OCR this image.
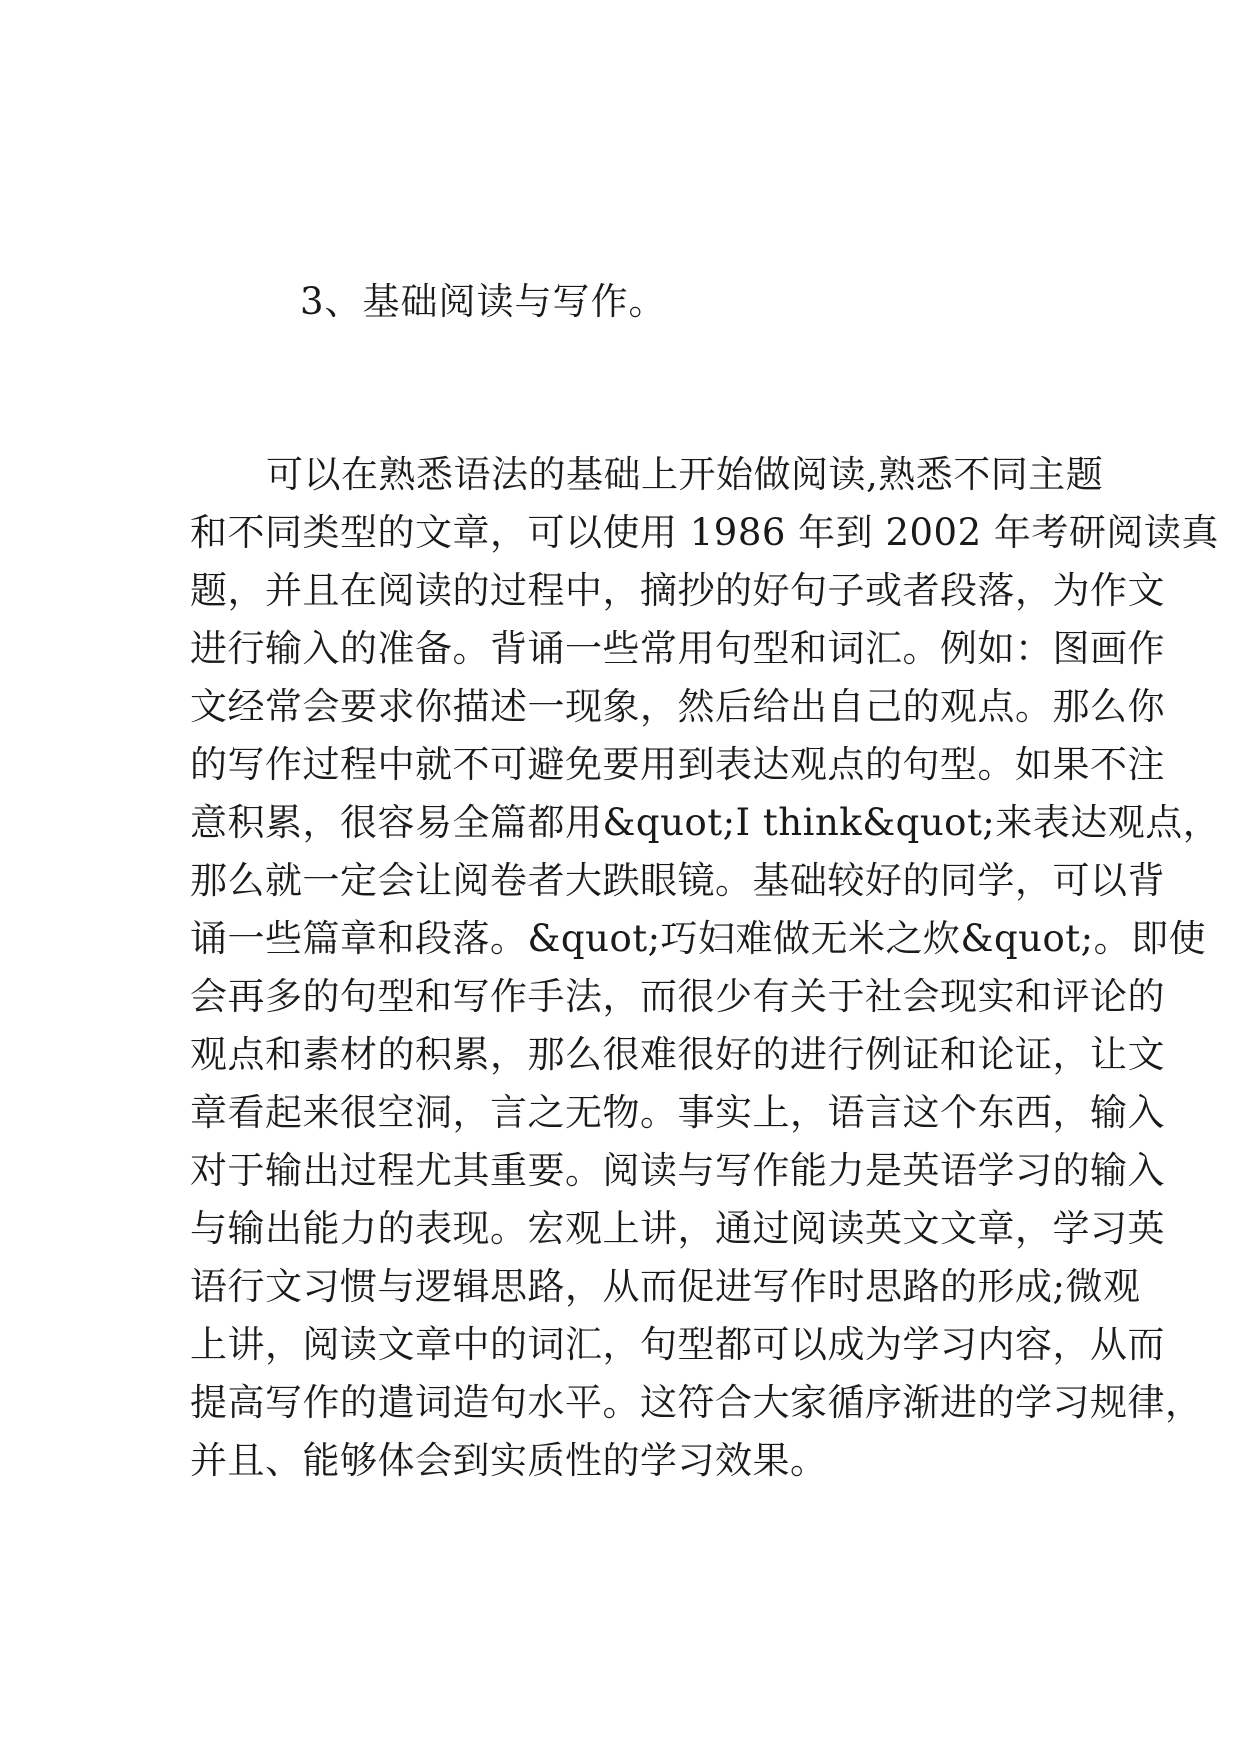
3、基础阅读与写作。
可以在熟悉语法的基础上开始做阅读,熟悉不同主题
和不同类型的文章，可以使用 1986 年到 2002 年考研阅读真
题，并且在阅读的过程中，摘抄的好句子或者段落，为作文
进行输入的准备。背诵一些常用句型和词汇。例如：图画作
文经常会要求你描述一现象，然后给出自己的观点。那么你
的写作过程中就不可避免要用到表达观点的句型。如果不注
意积累，很容易全篇都用&quot;I think&quot;来表达观点，
那么就一定会让阅卷者大跌眼镜。基础较好的同学，可以背
诵一些篇章和段落。&quot;巧妇难做无米之炊&quot;。即使
会再多的句型和写作手法，而很少有关于社会现实和评论的
观点和素材的积累，那么很难很好的进行例证和论证，让文
章看起来很空洞，言之无物。事实上，语言这个东西，输入
对于输出过程尤其重要。阅读与写作能力是英语学习的输入
与输出能力的表现。宏观上讲，通过阅读英文文章，学习英
语行文习惯与逻辑思路，从而促进写作时思路的形成;微观
上讲，阅读文章中的词汇，句型都可以成为学习内容，从而
提高写作的遣词造句水平。这符合大家循序渐进的学习规律，
并且、能够体会到实质性的学习效果。
